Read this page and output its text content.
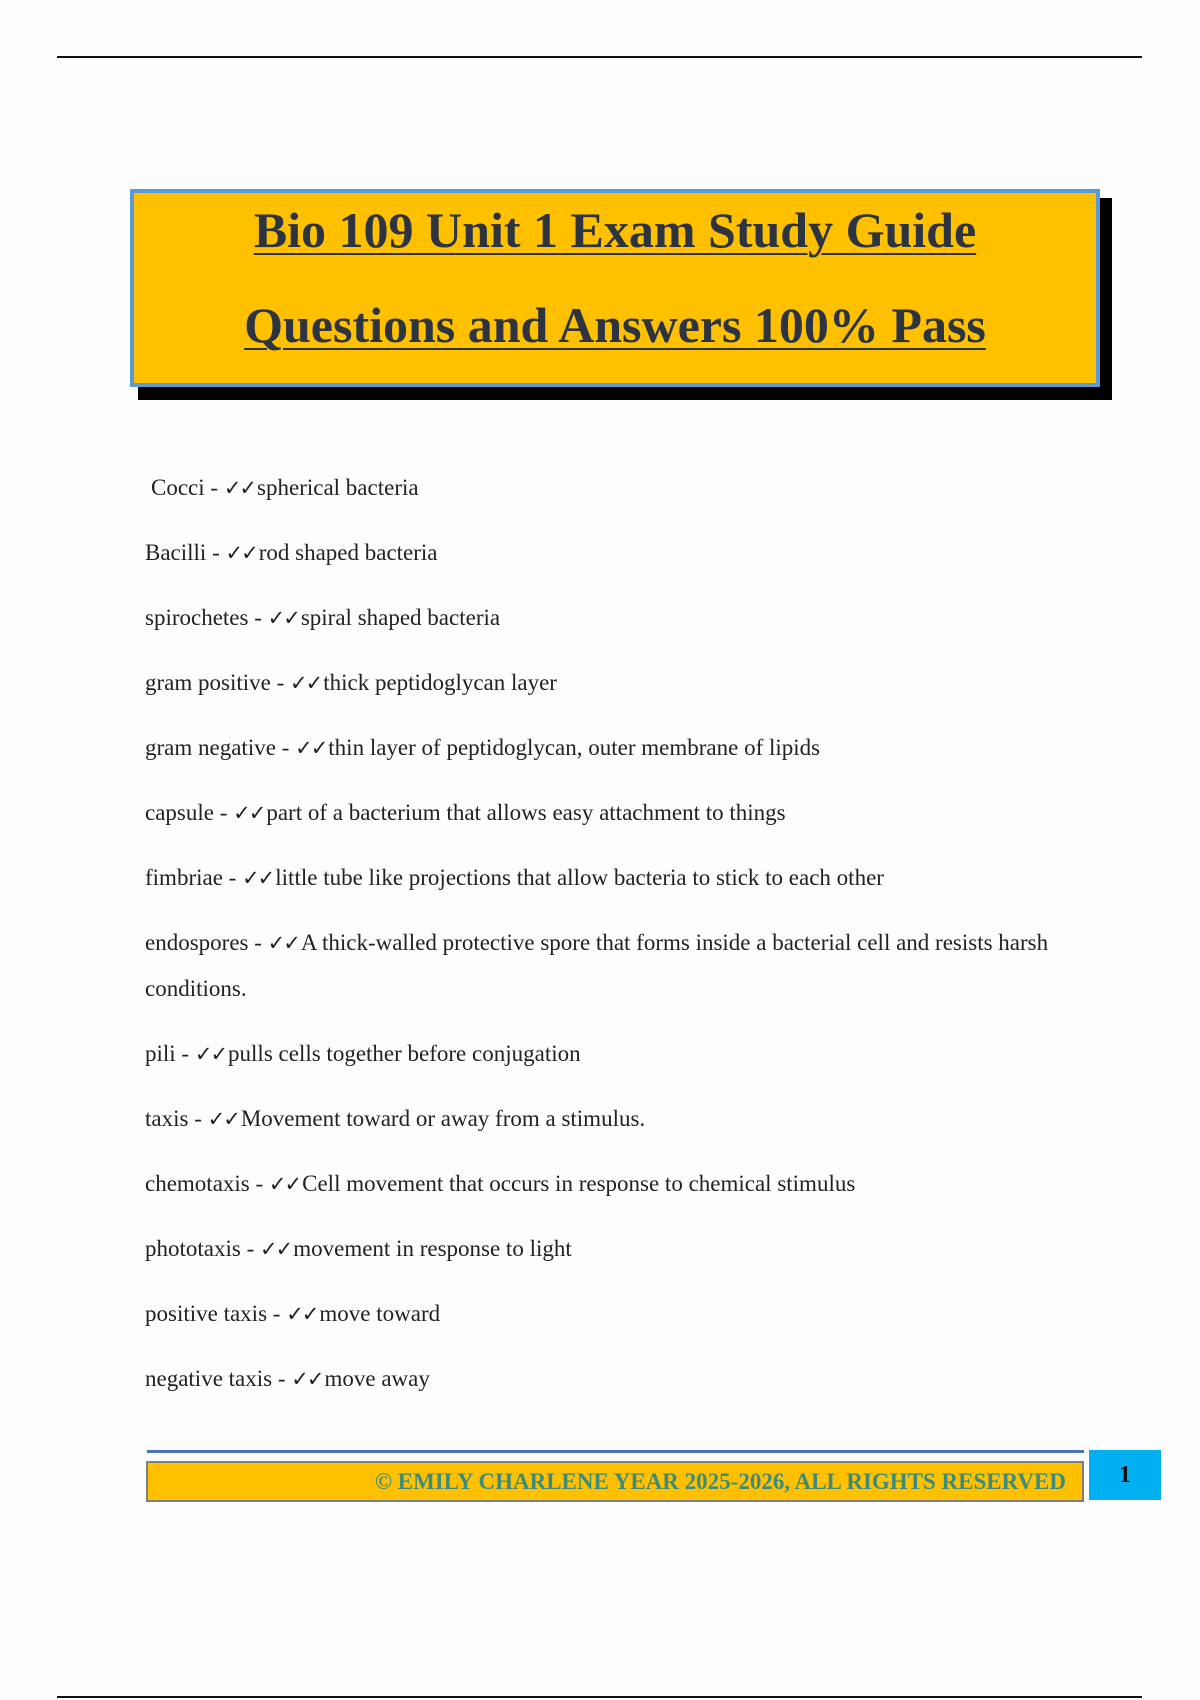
Bio 109 Unit 1 Exam Study Guide
Questions and Answers 100% Pass
Cocci - ✓✓spherical bacteria
Bacilli - ✓✓rod shaped bacteria
spirochetes - ✓✓spiral shaped bacteria
gram positive - ✓✓thick peptidoglycan layer
gram negative - ✓✓thin layer of peptidoglycan, outer membrane of lipids
capsule - ✓✓part of a bacterium that allows easy attachment to things
fimbriae - ✓✓little tube like projections that allow bacteria to stick to each other
endospores - ✓✓A thick-walled protective spore that forms inside a bacterial cell and resists harsh conditions.
pili - ✓✓pulls cells together before conjugation
taxis - ✓✓Movement toward or away from a stimulus.
chemotaxis - ✓✓Cell movement that occurs in response to chemical stimulus
phototaxis - ✓✓movement in response to light
positive taxis - ✓✓move toward
negative taxis - ✓✓move away
© EMILY CHARLENE YEAR 2025-2026, ALL RIGHTS RESERVED	1
